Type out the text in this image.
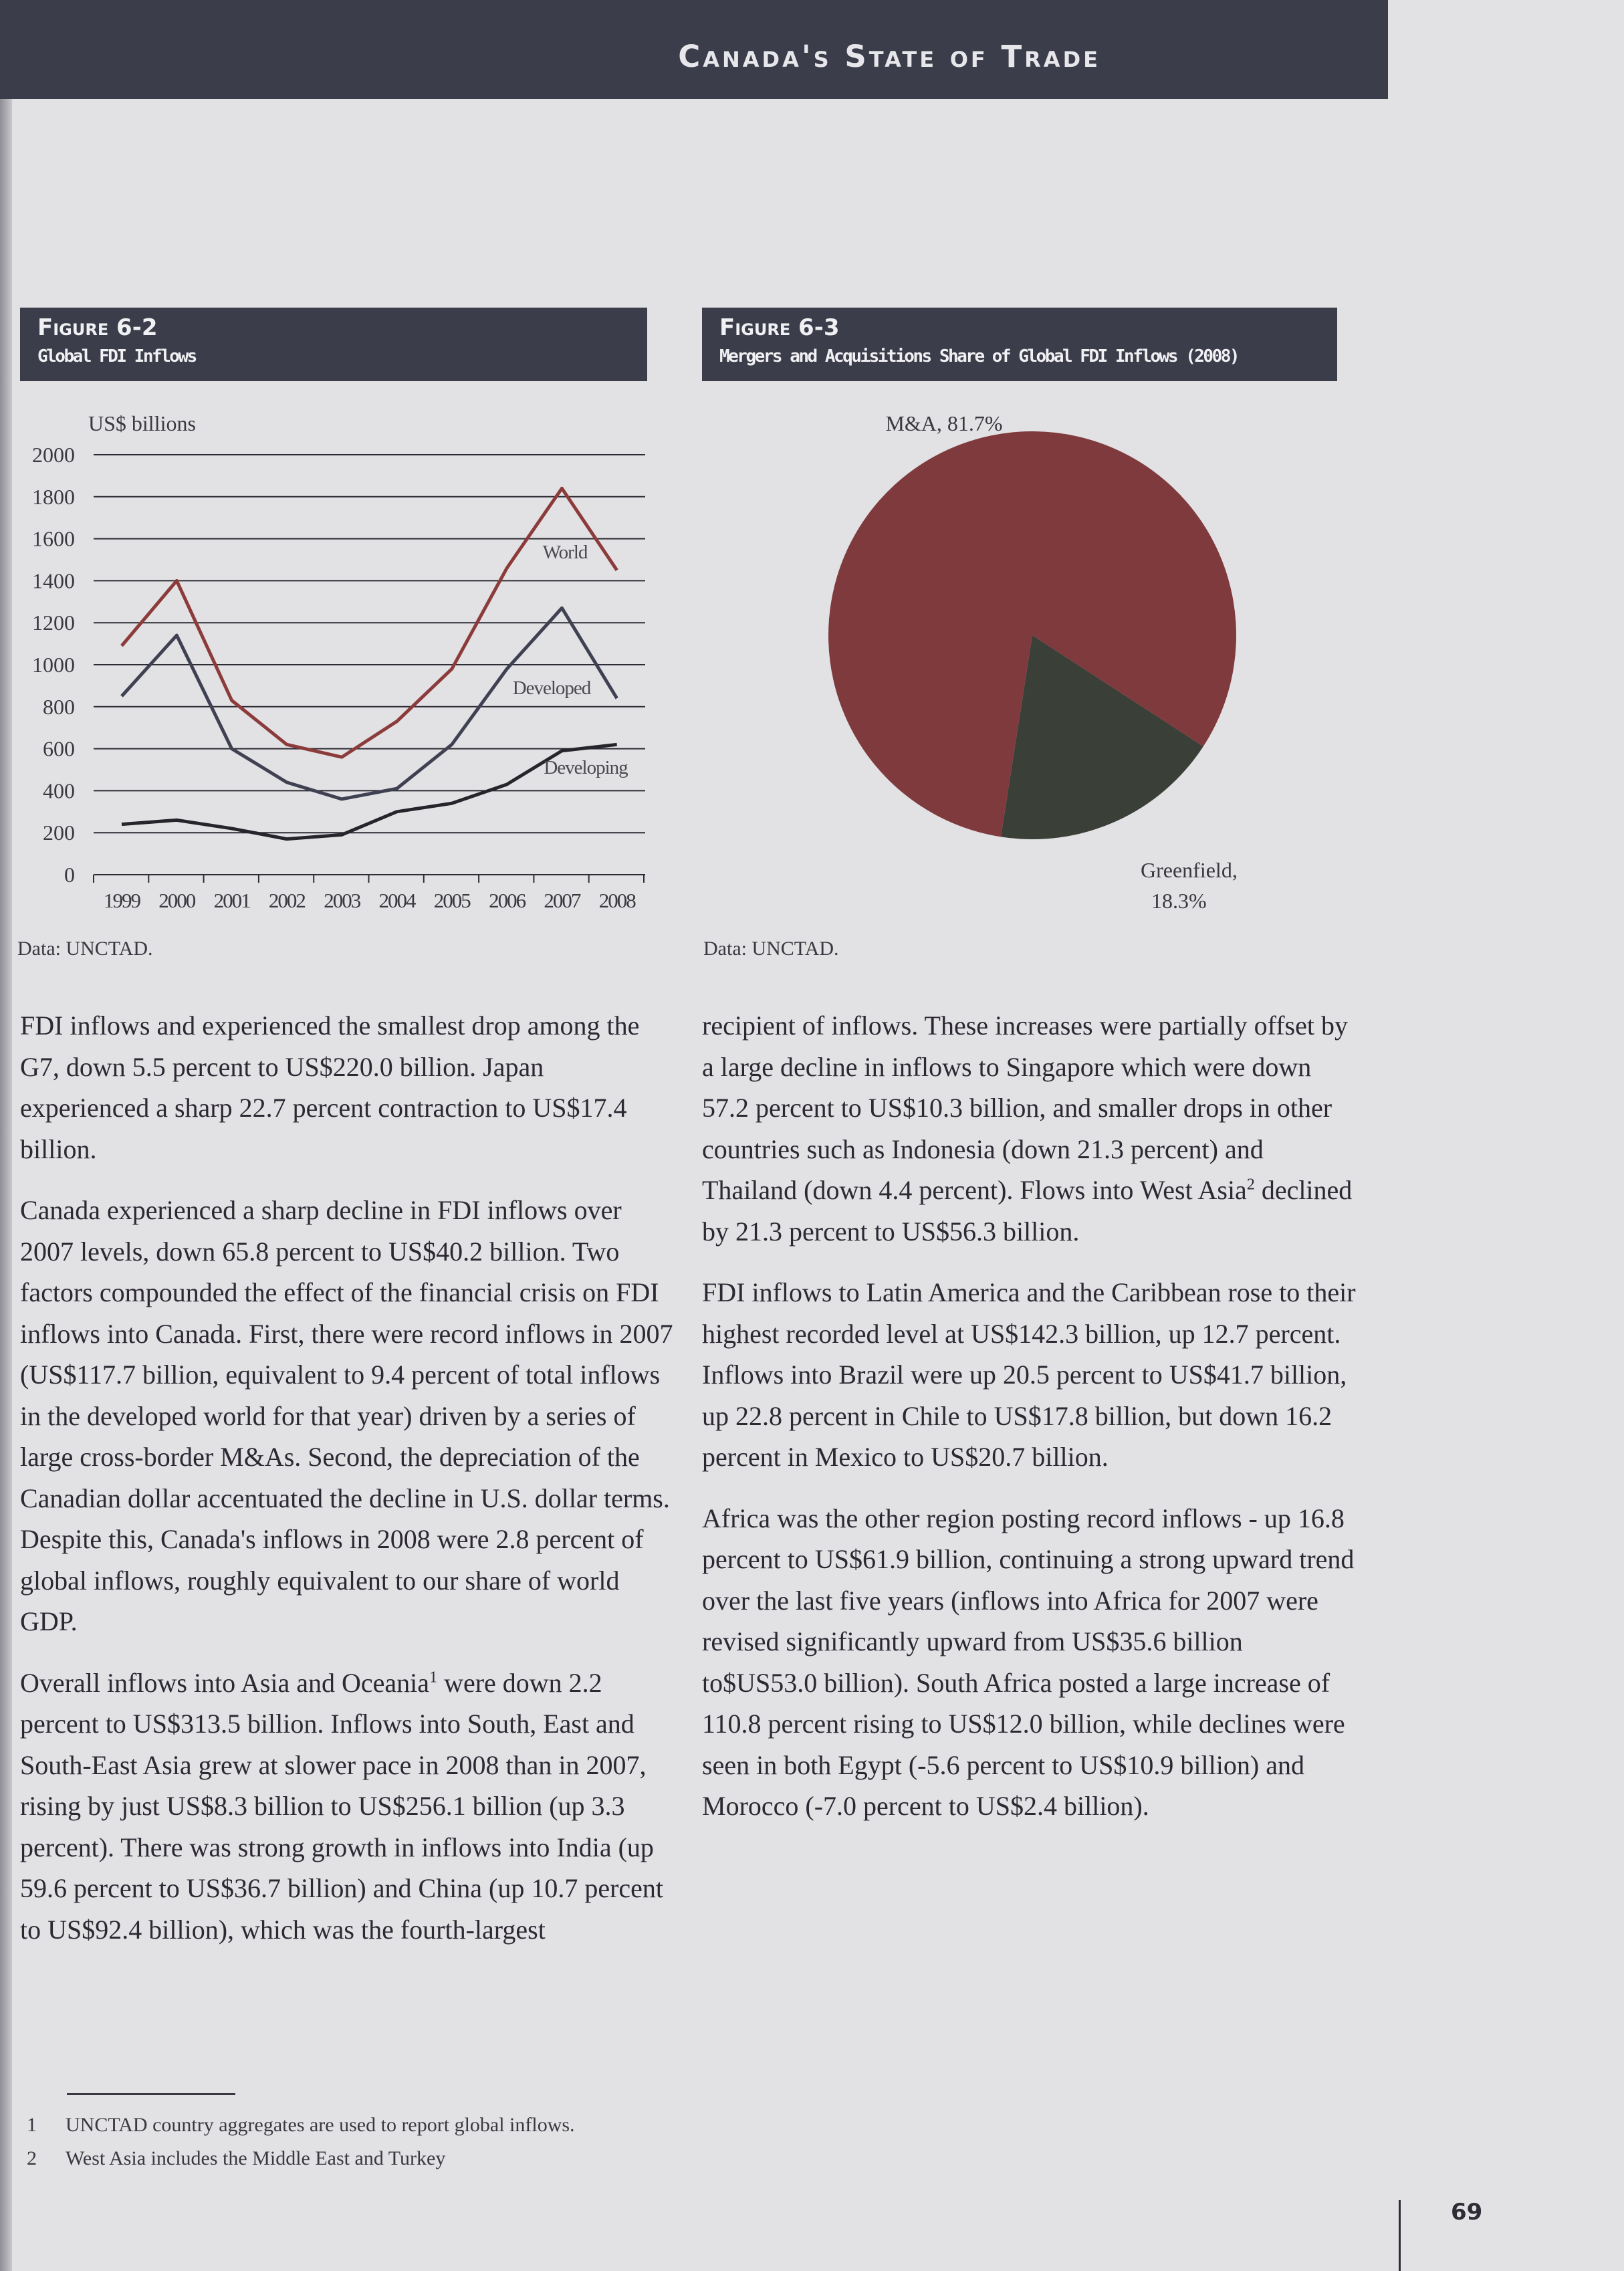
Canada's State of Trade
Figure 6-2
Global FDI Inflows
US$ billions
0
200
400
600
800
1000
1200
1400
1600
1800
2000
1999 2000 2001 2002 2003 2004 2005 2006 2007 2008
World
Developed
Developing
Data: UNCTAD.
Figure 6-3
Mergers and Acquisitions Share of Global FDI Inflows (2008)
M&A, 81.7%
Greenfield,
18.3%
Data: UNCTAD.

FDI inflows and experienced the smallest drop among the G7, down 5.5 percent to US$220.0 billion. Japan experienced a sharp 22.7 percent contraction to US$17.4 billion.

Canada experienced a sharp decline in FDI inflows over 2007 levels, down 65.8 percent to US$40.2 billion. Two factors compounded the effect of the financial crisis on FDI inflows into Canada. First, there were record inflows in 2007 (US$117.7 billion, equivalent to 9.4 percent of total inflows in the developed world for that year) driven by a series of large cross-border M&As. Second, the depreciation of the Canadian dollar accentuated the decline in U.S. dollar terms. Despite this, Canada's inflows in 2008 were 2.8 percent of global inflows, roughly equivalent to our share of world GDP.

Overall inflows into Asia and Oceania$^1$ were down 2.2 percent to US$313.5 billion. Inflows into South, East and South-East Asia grew at slower pace in 2008 than in 2007, rising by just US$8.3 billion to US$256.1 billion (up 3.3 percent). There was strong growth in inflows into India (up 59.6 percent to US$36.7 billion) and China (up 10.7 percent to US$92.4 billion), which was the fourth-largest

recipient of inflows. These increases were partially offset by a large decline in inflows to Singapore which were down 57.2 percent to US$10.3 billion, and smaller drops in other countries such as Indonesia (down 21.3 percent) and Thailand (down 4.4 percent). Flows into West Asia$^2$ declined by 21.3 percent to US$56.3 billion.

FDI inflows to Latin America and the Caribbean rose to their highest recorded level at US$142.3 billion, up 12.7 percent. Inflows into Brazil were up 20.5 percent to US$41.7 billion, up 22.8 percent in Chile to US$17.8 billion, but down 16.2 percent in Mexico to US$20.7 billion.

Africa was the other region posting record inflows - up 16.8 percent to US$61.9 billion, continuing a strong upward trend over the last five years (inflows into Africa for 2007 were revised significantly upward from US$35.6 billion to$US53.0 billion). South Africa posted a large increase of 110.8 percent rising to US$12.0 billion, while declines were seen in both Egypt (-5.6 percent to US$10.9 billion) and Morocco (-7.0 percent to US$2.4 billion).

1 UNCTAD country aggregates are used to report global inflows.
2 West Asia includes the Middle East and Turkey
69
